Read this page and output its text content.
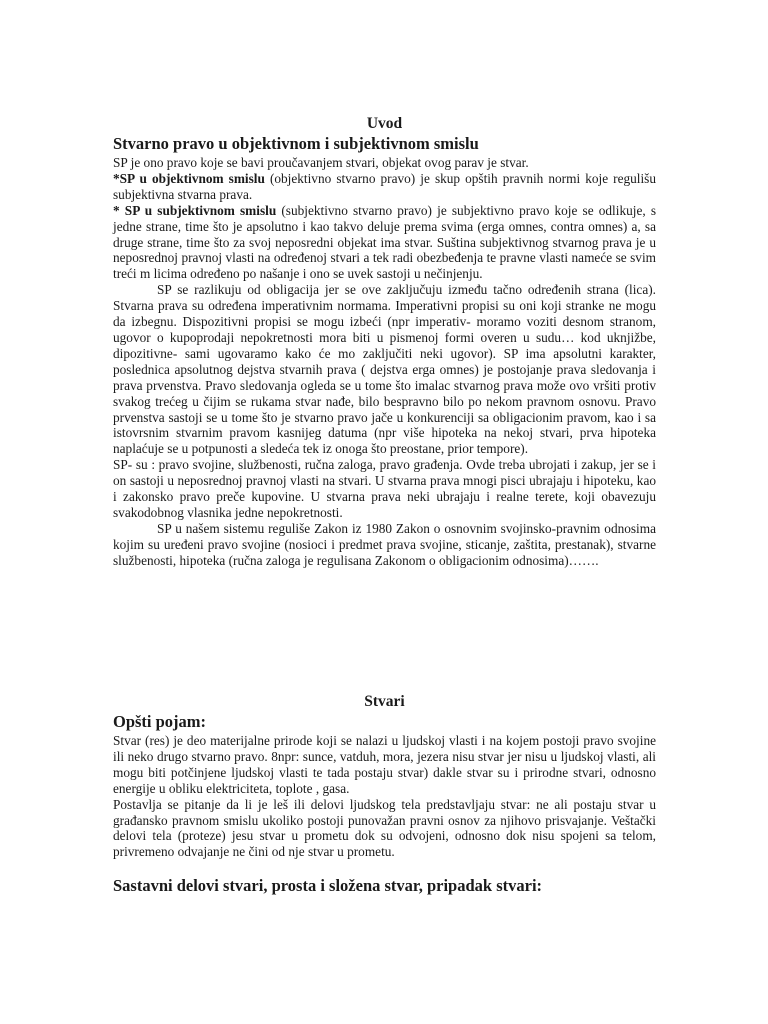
Uvod
Stvarno pravo u objektivnom i subjektivnom smislu

SP je ono pravo koje se bavi proučavanjem stvari, objekat ovog parav je stvar.

*SP u objektivnom smislu (objektivno stvarno pravo) je skup opštih pravnih normi koje regulišu subjektivna stvarna prava.

* SP u subjektivnom smislu (subjektivno stvarno pravo) je subjektivno pravo koje se odlikuje, s jedne strane, time što je apsolutno i kao takvo deluje prema svima (erga omnes, contra omnes) a, sa druge strane, time što za svoj neposredni objekat ima stvar. Suština subjektivnog stvarnog prava je u neposrednoj pravnoj vlasti na određenoj stvari a tek radi obezbeđenja te pravne vlasti nameće se svim treći m licima određeno po našanje i ono se uvek sastoji u nečinjenju.

SP se razlikuju od obligacija jer se ove zaključuju između tačno određenih strana (lica). Stvarna prava su određena imperativnim normama. Imperativni propisi su oni koji stranke ne mogu da izbegnu. Dispozitivni propisi se mogu izbeći (npr imperativ- moramo voziti desnom stranom, ugovor o kupoprodaji nepokretnosti mora biti u pismenoj formi overen u sudu… kod uknjižbe, dipozitivne- sami ugovaramo kako će mo zaključiti neki ugovor). SP ima apsolutni karakter, poslednica apsolutnog dejstva stvarnih prava ( dejstva erga omnes) je postojanje prava sledovanja i prava prvenstva. Pravo sledovanja ogleda se u tome što imalac stvarnog prava može ovo vršiti protiv svakog trećeg u čijim se rukama stvar nađe, bilo bespravno bilo po nekom pravnom osnovu. Pravo prvenstva sastoji se u tome što je stvarno pravo jače u konkurenciji sa obligacionim pravom, kao i sa istovrsnim stvarnim pravom kasnijeg datuma (npr više hipoteka na nekoj stvari, prva hipoteka naplaćuje se u potpunosti a sledeća tek iz onoga što preostane, prior tempore).

SP- su : pravo svojine, službenosti, ručna zaloga, pravo građenja. Ovde treba ubrojati i zakup, jer se i on sastoji u neposrednoj pravnoj vlasti na stvari. U stvarna prava mnogi pisci ubrajaju i hipoteku, kao i zakonsko pravo preče kupovine. U stvarna prava neki ubrajaju i realne terete, koji obavezuju svakodobnog vlasnika jedne nepokretnosti.

SP u našem sistemu reguliše Zakon iz 1980 Zakon o osnovnim svojinsko-pravnim odnosima kojim su uređeni pravo svojine (nosioci i predmet prava svojine, sticanje, zaštita, prestanak), stvarne službenosti, hipoteka (ručna zaloga je regulisana Zakonom o obligacionim odnosima)…….

Stvari
Opšti pojam:

Stvar (res) je deo materijalne prirode koji se nalazi u ljudskoj vlasti i na kojem postoji pravo svojine ili neko drugo stvarno pravo. 8npr: sunce, vatduh, mora, jezera nisu stvar jer nisu u ljudskoj vlasti, ali mogu biti potčinjene ljudskoj vlasti te tada postaju stvar) dakle stvar su i prirodne stvari, odnosno energije u obliku elektriciteta, toplote , gasa.

Postavlja se pitanje da li je leš ili delovi ljudskog tela predstavljaju stvar: ne ali postaju stvar u građansko pravnom smislu ukoliko postoji punovažan pravni osnov za njihovo prisvajanje. Veštački delovi tela (proteze) jesu stvar u prometu dok su odvojeni, odnosno dok nisu spojeni sa telom, privremeno odvajanje ne čini od nje stvar u prometu.

Sastavni delovi stvari, prosta i složena stvar, pripadak stvari:
